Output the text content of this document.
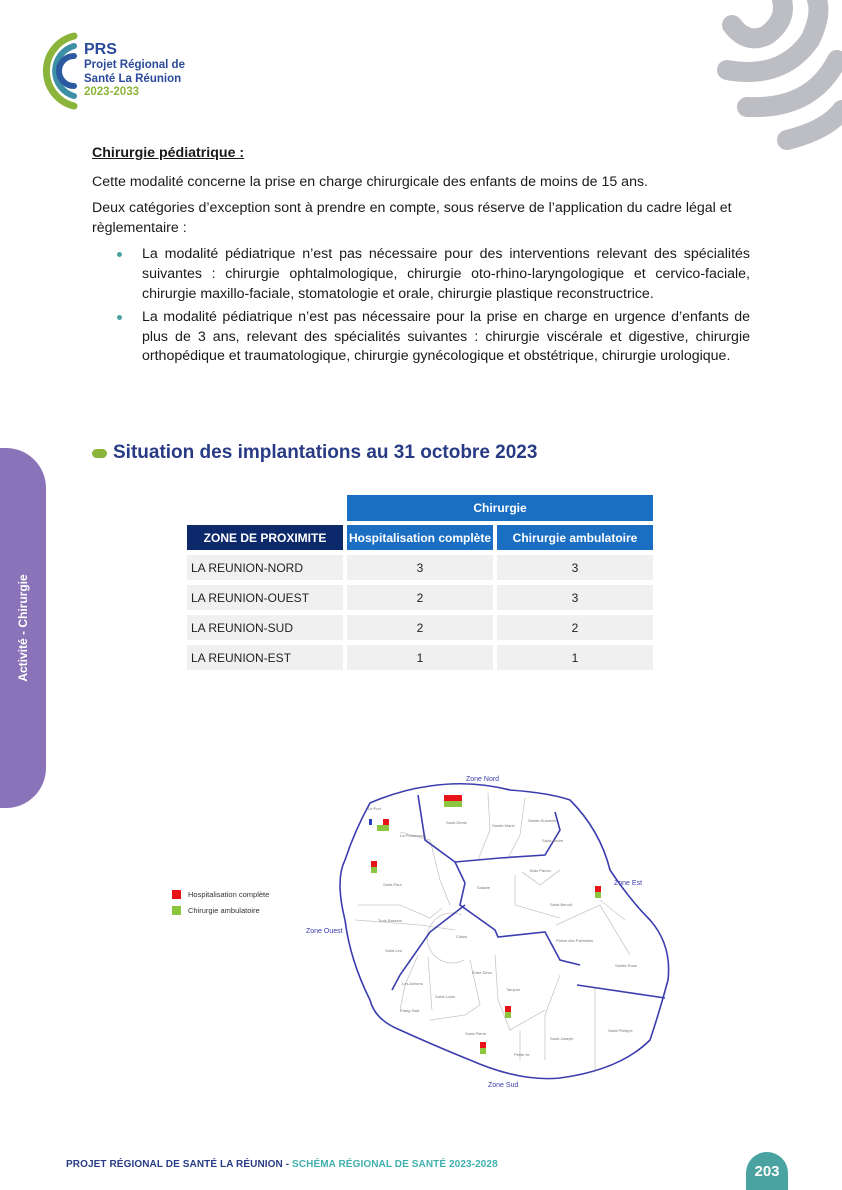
PRS
Projet Régional de
Santé La Réunion
2023-2033

Chirurgie pédiatrique :

Cette modalité concerne la prise en charge chirurgicale des enfants de moins de 15 ans.

Deux catégories d’exception sont à prendre en compte, sous réserve de l’application du cadre légal et règlementaire :

La modalité pédiatrique n’est pas nécessaire pour des interventions relevant des spécialités suivantes : chirurgie ophtalmologique, chirurgie oto-rhino-laryngologique et cervico-faciale, chirurgie maxillo-faciale, stomatologie et orale, chirurgie plastique reconstructrice.
La modalité pédiatrique n’est pas nécessaire pour la prise en charge en urgence d’enfants de plus de 3 ans, relevant des spécialités suivantes : chirurgie viscérale et digestive, chirurgie orthopédique et traumatologique, chirurgie gynécologique et obstétrique, chirurgie urologique.
Situation des implantations au 31 octobre 2023
Chirurgie
ZONE DE PROXIMITE	Hospitalisation complète	Chirurgie ambulatoire
LA REUNION-NORD	3	3
LA REUNION-OUEST	2	3
LA REUNION-SUD	2	2
LA REUNION-EST	1	1
Activité - Chirurgie
Hospitalisation complète
Chirurgie ambulatoire
Le Port
La Possession
Saint-Denis
Sainte-Marie
Sainte-Suzanne
Saint-André
Bras Panon
Salazie
Saint-Paul
Saint-Benoît
Trois Bassins
Cilaos
Plaine des Palmistes
Saint-Leu
Sainte-Rose
Les Avirons
Entre Deux
Saint-Louis
Tampon
Etang Salé
Saint-Philippe
Saint-Pierre
Saint-Joseph
Petite Ile
Zone Nord
Zone Est
Zone Ouest
Zone Sud
PROJET RÉGIONAL DE SANTÉ LA RÉUNION - SCHÉMA RÉGIONAL DE SANTÉ 2023-2028	203
